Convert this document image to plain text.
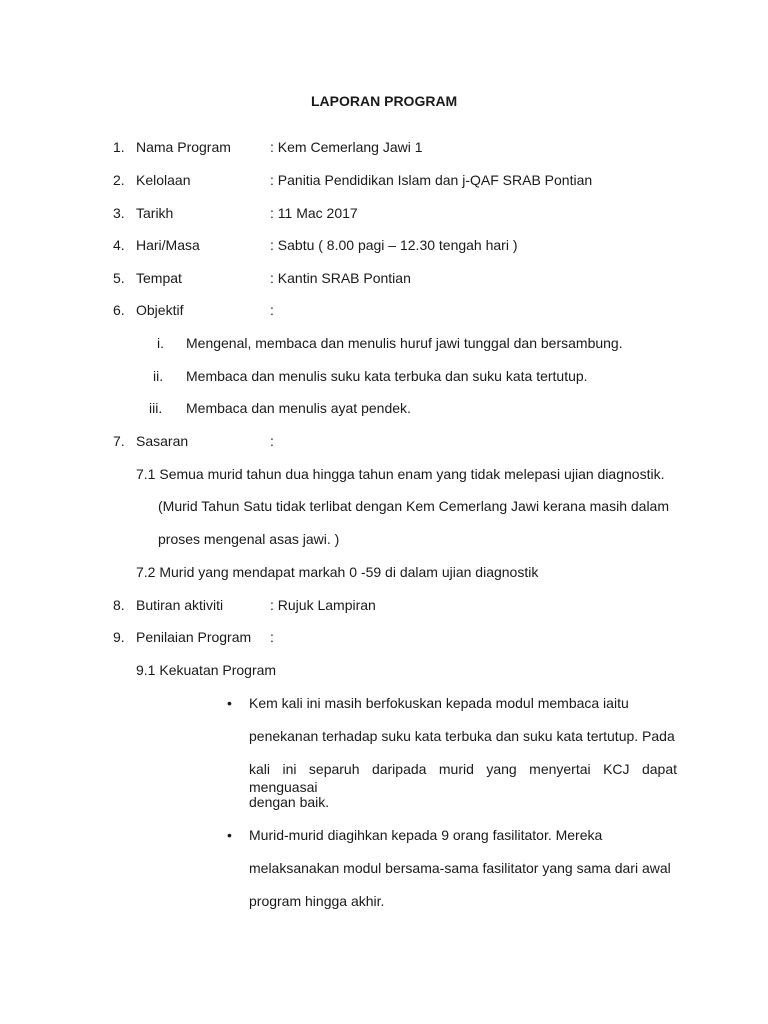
LAPORAN PROGRAM
1. Nama Program	: Kem Cemerlang Jawi 1
2. Kelolaan	: Panitia Pendidikan Islam dan j-QAF SRAB Pontian
3. Tarikh	: 11 Mac 2017
4. Hari/Masa	: Sabtu ( 8.00 pagi – 12.30 tengah hari )
5. Tempat	: Kantin SRAB Pontian
6. Objektif	:
i. Mengenal, membaca dan menulis huruf jawi tunggal dan bersambung.
ii. Membaca dan menulis suku kata terbuka dan suku kata tertutup.
iii. Membaca dan menulis ayat pendek.
7. Sasaran	:
7.1 Semua murid tahun dua hingga tahun enam yang tidak melepasi ujian diagnostik.
(Murid Tahun Satu tidak terlibat dengan Kem Cemerlang Jawi kerana masih dalam
proses mengenal asas jawi. )
7.2 Murid yang mendapat markah 0 -59 di dalam ujian diagnostik
8. Butiran aktiviti	: Rujuk Lampiran
9. Penilaian Program :
9.1 Kekuatan Program
• Kem kali ini masih berfokuskan kepada modul membaca iaitu
penekanan terhadap suku kata terbuka dan suku kata tertutup. Pada
kali ini separuh daripada murid yang menyertai KCJ dapat menguasai
dengan baik.
• Murid-murid diagihkan kepada 9 orang fasilitator. Mereka
melaksanakan modul bersama-sama fasilitator yang sama dari awal
program hingga akhir.
